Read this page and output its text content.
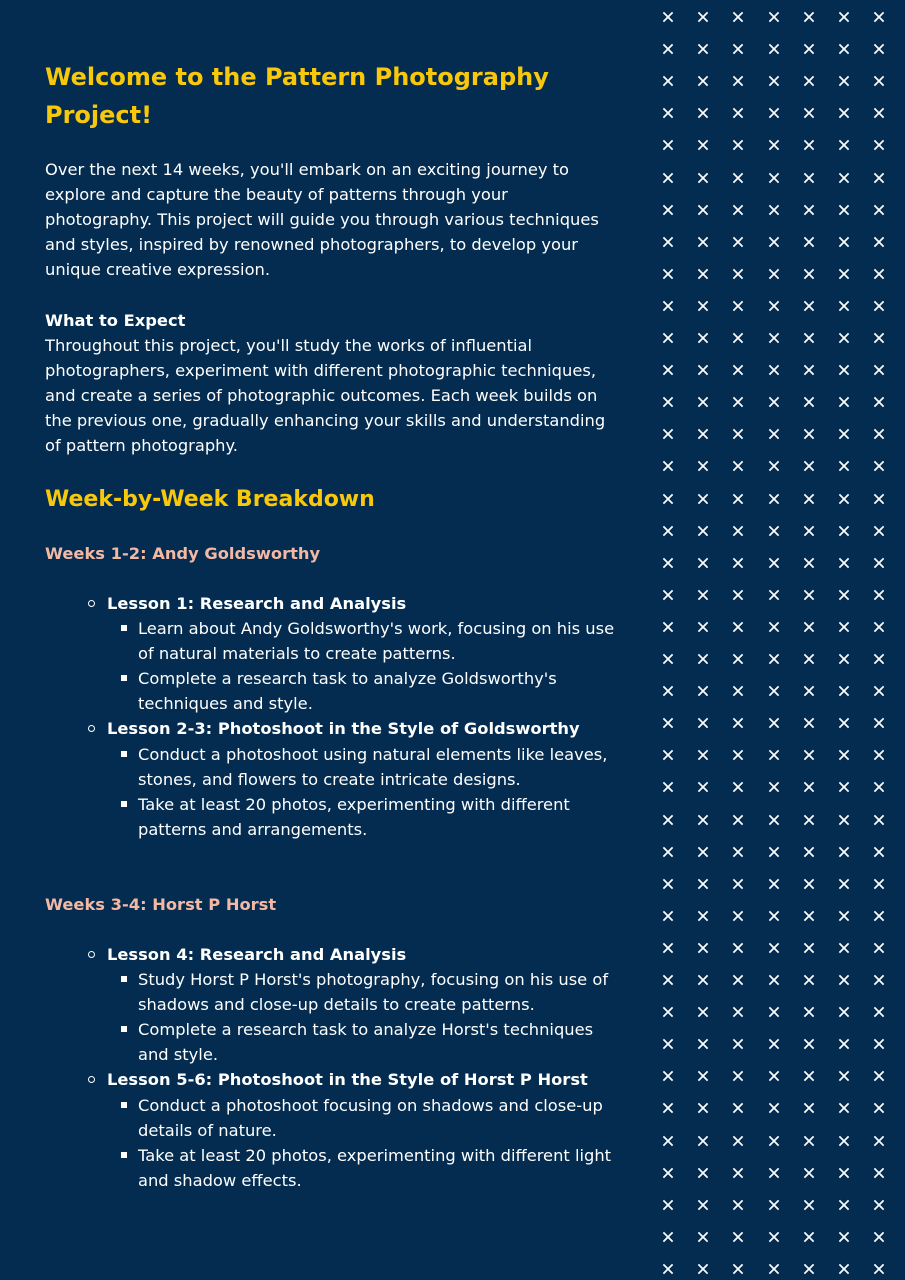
Welcome to the Pattern Photography Project!

Over the next 14 weeks, you'll embark on an exciting journey to explore and capture the beauty of patterns through your photography. This project will guide you through various techniques and styles, inspired by renowned photographers, to develop your unique creative expression.

What to Expect

Throughout this project, you'll study the works of influential photographers, experiment with different photographic techniques, and create a series of photographic outcomes. Each week builds on the previous one, gradually enhancing your skills and understanding of pattern photography.

Week-by-Week Breakdown
Weeks 1-2: Andy Goldsworthy
Lesson 1: Research and Analysis
Learn about Andy Goldsworthy's work, focusing on his use of natural materials to create patterns.
Complete a research task to analyze Goldsworthy's techniques and style.
Lesson 2-3: Photoshoot in the Style of Goldsworthy
Conduct a photoshoot using natural elements like leaves, stones, and flowers to create intricate designs.
Take at least 20 photos, experimenting with different patterns and arrangements.
Weeks 3-4: Horst P Horst
Lesson 4: Research and Analysis
Study Horst P Horst's photography, focusing on his use of shadows and close-up details to create patterns.
Complete a research task to analyze Horst's techniques and style.
Lesson 5-6: Photoshoot in the Style of Horst P Horst
Conduct a photoshoot focusing on shadows and close-up details of nature.
Take at least 20 photos, experimenting with different light and shadow effects.
